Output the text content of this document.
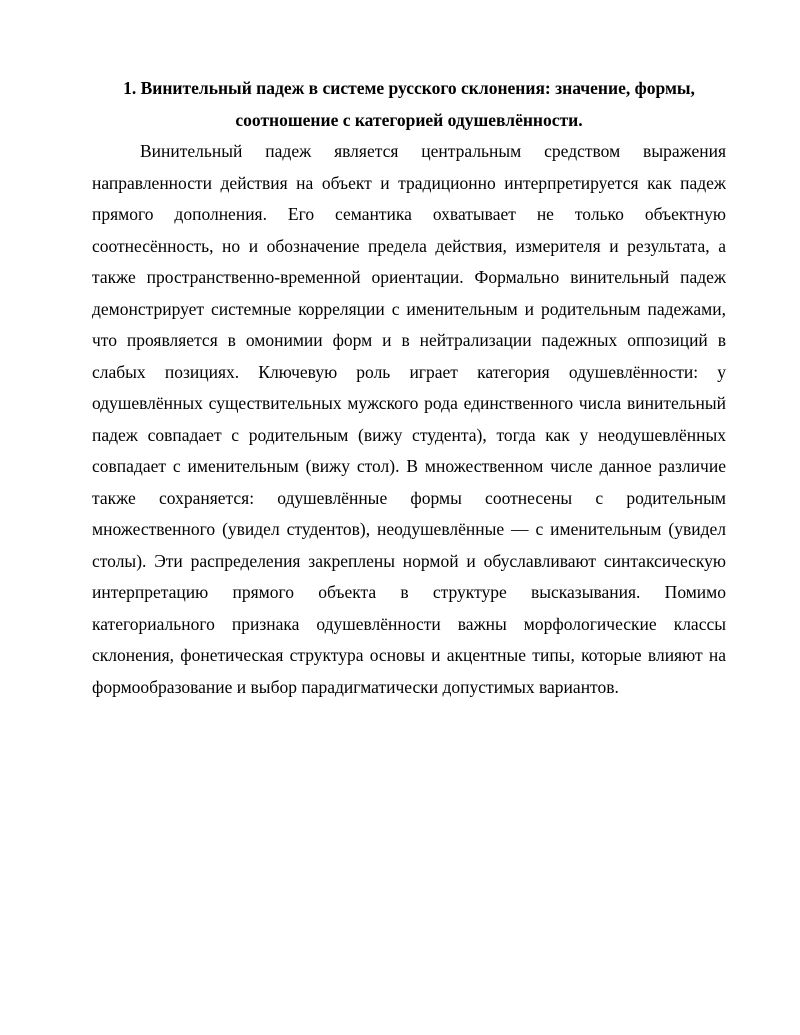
1. Винительный падеж в системе русского склонения: значение, формы,
соотношение с категорией одушевлённости.

Винительный падеж является центральным средством выражения направленности действия на объект и традиционно интерпретируется как падеж прямого дополнения. Его семантика охватывает не только объектную соотнесённость, но и обозначение предела действия, измерителя и результата, а также пространственно-временной ориентации. Формально винительный падеж демонстрирует системные корреляции с именительным и родительным падежами, что проявляется в омонимии форм и в нейтрализации падежных оппозиций в слабых позициях. Ключевую роль играет категория одушевлённости: у одушевлённых существительных мужского рода единственного числа винительный падеж совпадает с родительным (вижу студента), тогда как у неодушевлённых совпадает с именительным (вижу стол). В множественном числе данное различие также сохраняется: одушевлённые формы соотнесены с родительным множественного (увидел студентов), неодушевлённые — с именительным (увидел столы). Эти распределения закреплены нормой и обуславливают синтаксическую интерпретацию прямого объекта в структуре высказывания. Помимо категориального признака одушевлённости важны морфологические классы склонения, фонетическая структура основы и акцентные типы, которые влияют на формообразование и выбор парадигматически допустимых вариантов.
